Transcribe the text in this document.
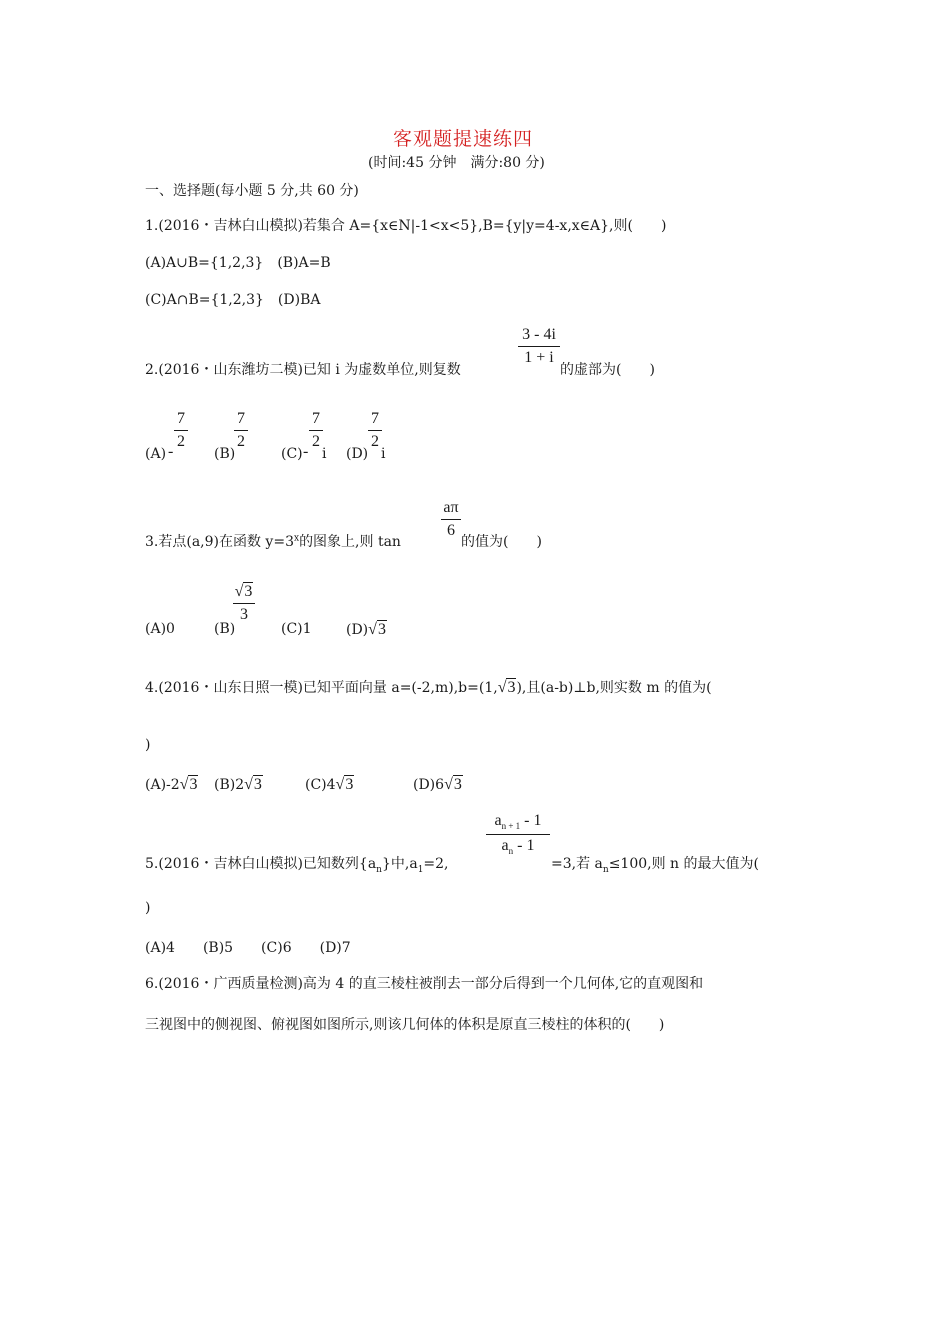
客观题提速练四
(时间:45 分钟　满分:80 分)
一、选择题(每小题 5 分,共 60 分)
1.(2016・吉林白山模拟)若集合 A={x∈N|-1<x<5},B={y|y=4-x,x∈A},则(　　)
(A)A∪B={1,2,3}　(B)A=B
(C)A∩B={1,2,3}　(D)BA
2.(2016・山东潍坊二模)已知 i 为虚数单位,则复数
3 - 4i
1 + i
的虚部为(　　)
(A) -
7
2
(B)
7
2
(C) -
7
2
i (D)
7
2
i
3.若点(a,9)在函数 $y=3^x$的图象上,则 tan
aπ
6
的值为(　　)
(A)0	(B)
√3
3
(C)1 (D)√3
4.(2016・山东日照一模)已知平面向量 a=(-2,m),b=(1,√3),且(a-b)⊥b,则实数 m 的值为(
)
(A)-2√3 (B)2√3	(C)4√3	(D)6√3
5.(2016・吉林白山模拟)已知数列$\{a_n\}$中$,a_1=2$,
$a_{n + 1} - 1$
$a_n - 1$
=3,若 $a_n\le 100$,则 n 的最大值为(
)
(A)4　　(B)5　　(C)6　　(D)7
6.(2016・广西质量检测)高为 4 的直三棱柱被削去一部分后得到一个几何体,它的直观图和
三视图中的侧视图、俯视图如图所示,则该几何体的体积是原直三棱柱的体积的(　　)
